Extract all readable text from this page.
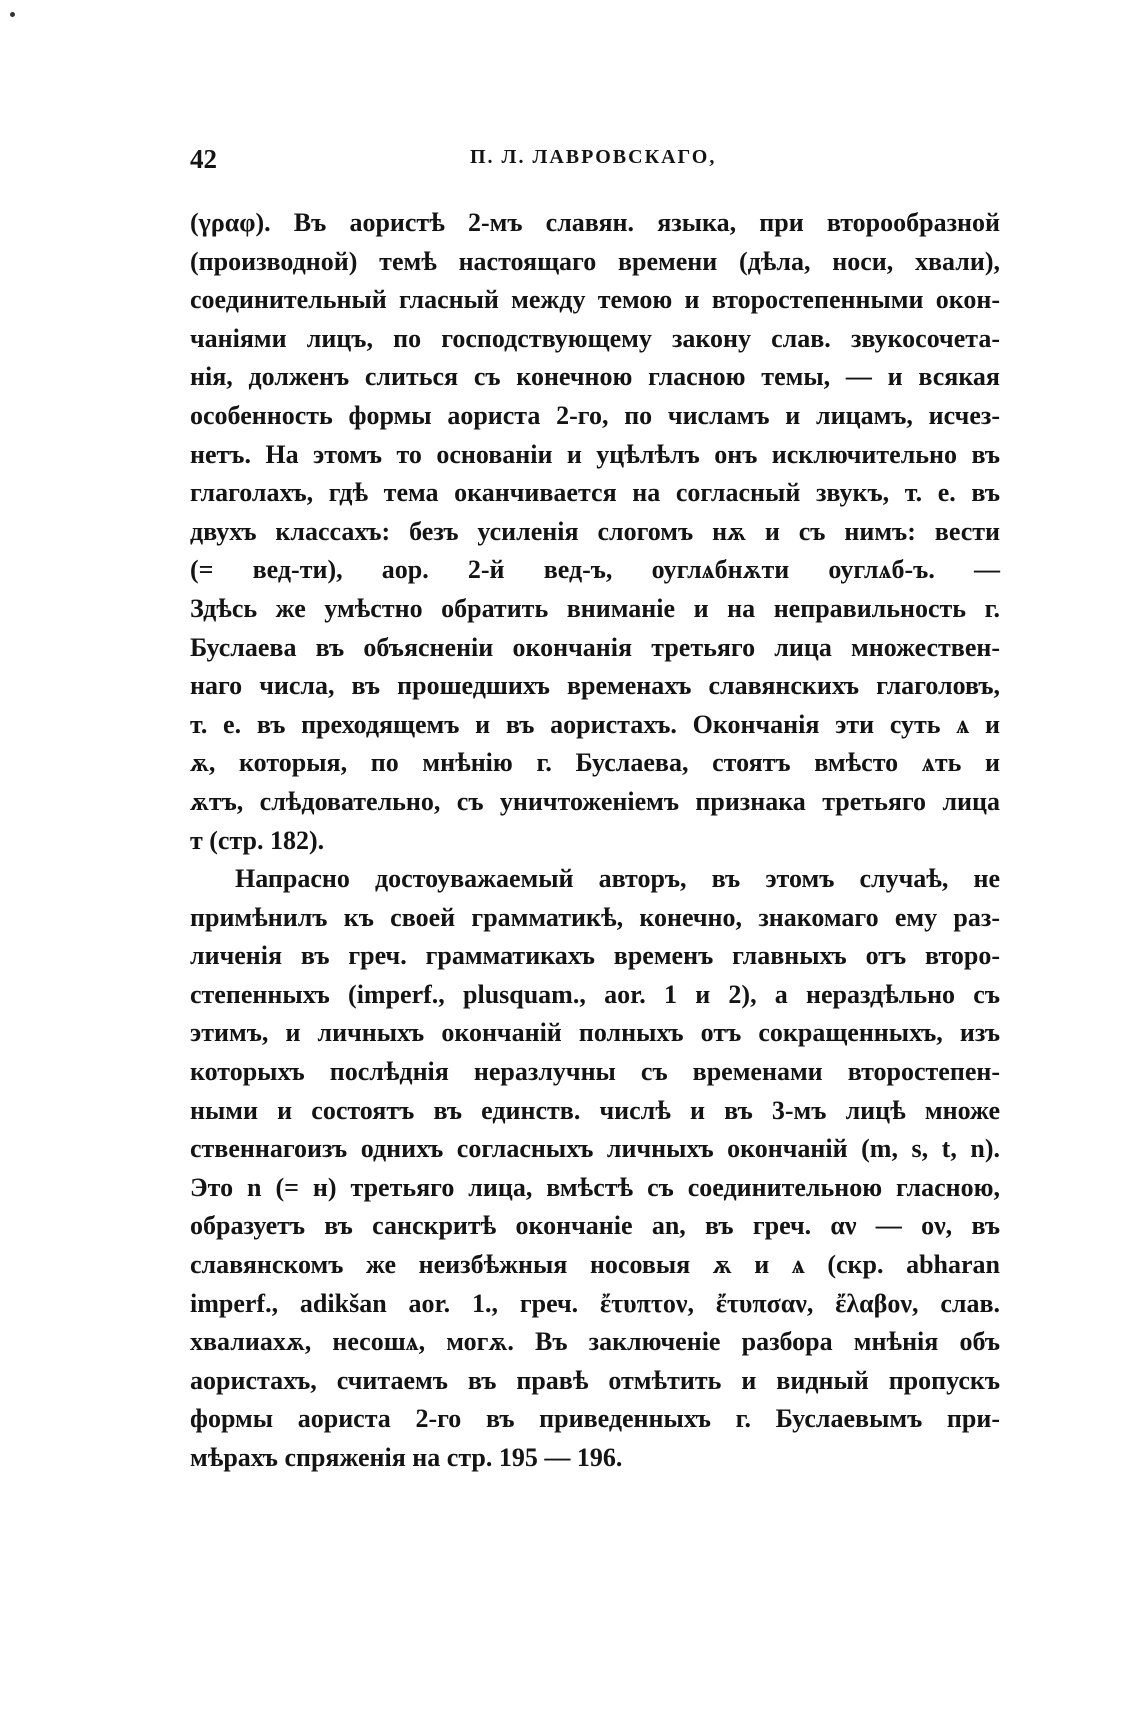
42	П. Л. ЛАВРОВСКАГО,
(γραφ). Въ аористѣ 2-мъ славян. языка, при второобразной
(производной) темѣ настоящаго времени (дѣла, носи, хвали),
соединительный гласный между темою и второстепенными окон-
чаніями лицъ, по господствующему закону слав. звукосочета-
нія, долженъ слиться съ конечною гласною темы, — и всякая
особенность формы аориста 2-го, по числамъ и лицамъ, исчез-
нетъ. На этомъ то основаніи и уцѣлѣлъ онъ исключительно въ
глаголахъ, гдѣ тема оканчивается на согласный звукъ, т. е. въ
двухъ классахъ: безъ усиленія слогомъ нѫ и съ нимъ: вести
(= вед-ти), аор. 2-й вед-ъ, оуглѧбнѫти оуглѧб-ъ. —
Здѣсь же умѣстно обратить вниманіе и на неправильность г.
Буслаева въ объясненіи окончанія третьяго лица множествен-
наго числа, въ прошедшихъ временахъ славянскихъ глаголовъ,
т. е. въ преходящемъ и въ аористахъ. Окончанія эти суть ѧ и
ѫ, которыя, по мнѣнію г. Буслаева, стоятъ вмѣсто ѧть и
ѫтъ, слѣдовательно, съ уничтоженіемъ признака третьяго лица
т (стр. 182).
Напрасно достоуважаемый авторъ, въ этомъ случаѣ, не
примѣнилъ къ своей грамматикѣ, конечно, знакомаго ему раз-
личенія въ греч. грамматикахъ временъ главныхъ отъ второ-
степенныхъ (imperf., plusquam., aor. 1 и 2), а нераздѣльно съ
этимъ, и личныхъ окончаній полныхъ отъ сокращенныхъ, изъ
которыхъ послѣднія неразлучны съ временами второстепен-
ными и состоятъ въ единств. числѣ и въ 3-мъ лицѣ множе
ственнагоизъ однихъ согласныхъ личныхъ окончаній (m, s, t, n).
Это n (= н) третьяго лица, вмѣстѣ съ соединительною гласною,
образуетъ въ санскритѣ окончаніе an, въ греч. αν — ον, въ
славянскомъ же неизбѣжныя носовыя ѫ и ѧ (скр. abharan
imperf., adikšan aor. 1., греч. ἔτυπτον, ἔτυπσαν, ἔλαβον, слав.
хвалиахѫ, несошѧ, могѫ. Въ заключеніе разбора мнѣнія объ
аористахъ, считаемъ въ правѣ отмѣтить и видный пропускъ
формы аориста 2-го въ приведенныхъ г. Буслаевымъ при-
мѣрахъ спряженія на стр. 195 — 196.
